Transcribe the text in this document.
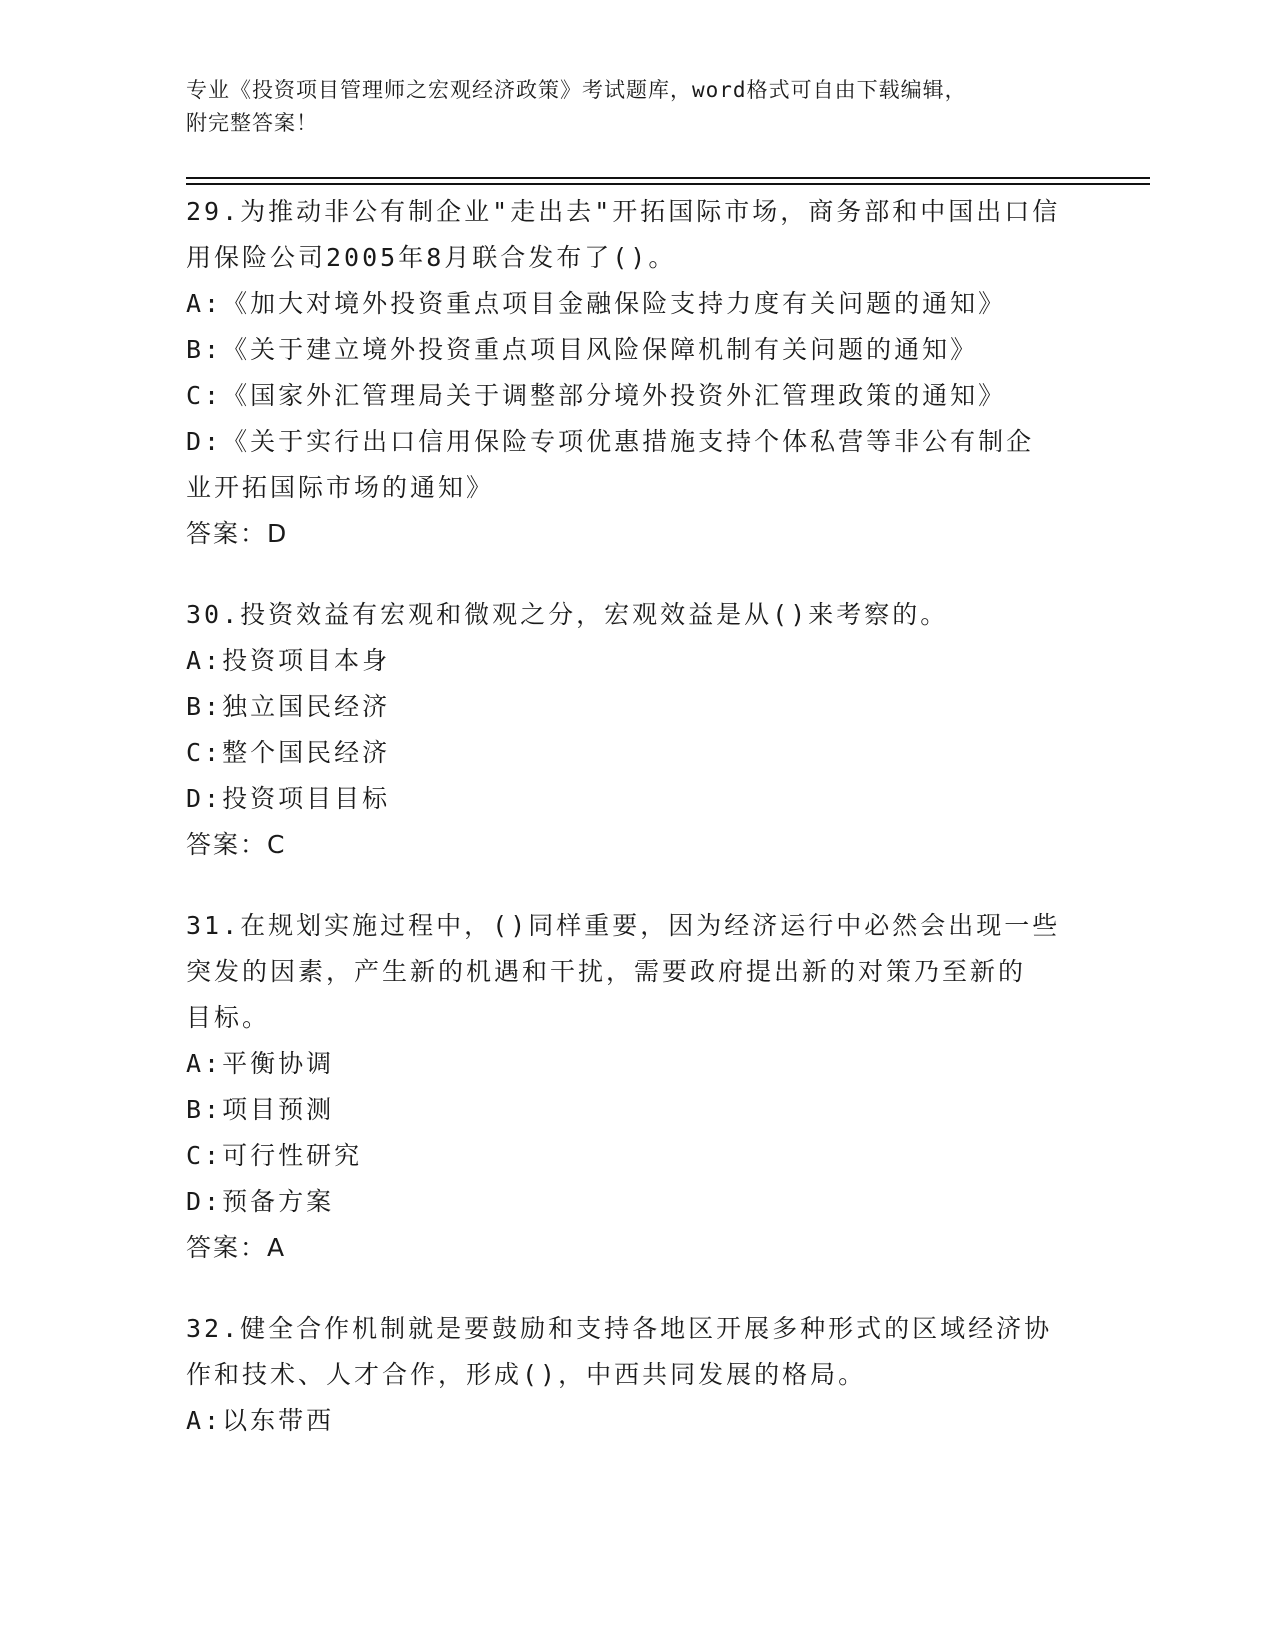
专业《投资项目管理师之宏观经济政策》考试题库，word格式可自由下载编辑，
附完整答案！
29.为推动非公有制企业"走出去"开拓国际市场，商务部和中国出口信
用保险公司2005年8月联合发布了()。
A:《加大对境外投资重点项目金融保险支持力度有关问题的通知》
B:《关于建立境外投资重点项目风险保障机制有关问题的通知》
C:《国家外汇管理局关于调整部分境外投资外汇管理政策的通知》
D:《关于实行出口信用保险专项优惠措施支持个体私营等非公有制企
业开拓国际市场的通知》
答案：D
30.投资效益有宏观和微观之分，宏观效益是从()来考察的。
A:投资项目本身
B:独立国民经济
C:整个国民经济
D:投资项目目标
答案：C
31.在规划实施过程中，()同样重要，因为经济运行中必然会出现一些
突发的因素，产生新的机遇和干扰，需要政府提出新的对策乃至新的
目标。
A:平衡协调
B:项目预测
C:可行性研究
D:预备方案
答案：A
32.健全合作机制就是要鼓励和支持各地区开展多种形式的区域经济协
作和技术、人才合作，形成()，中西共同发展的格局。
A:以东带西
